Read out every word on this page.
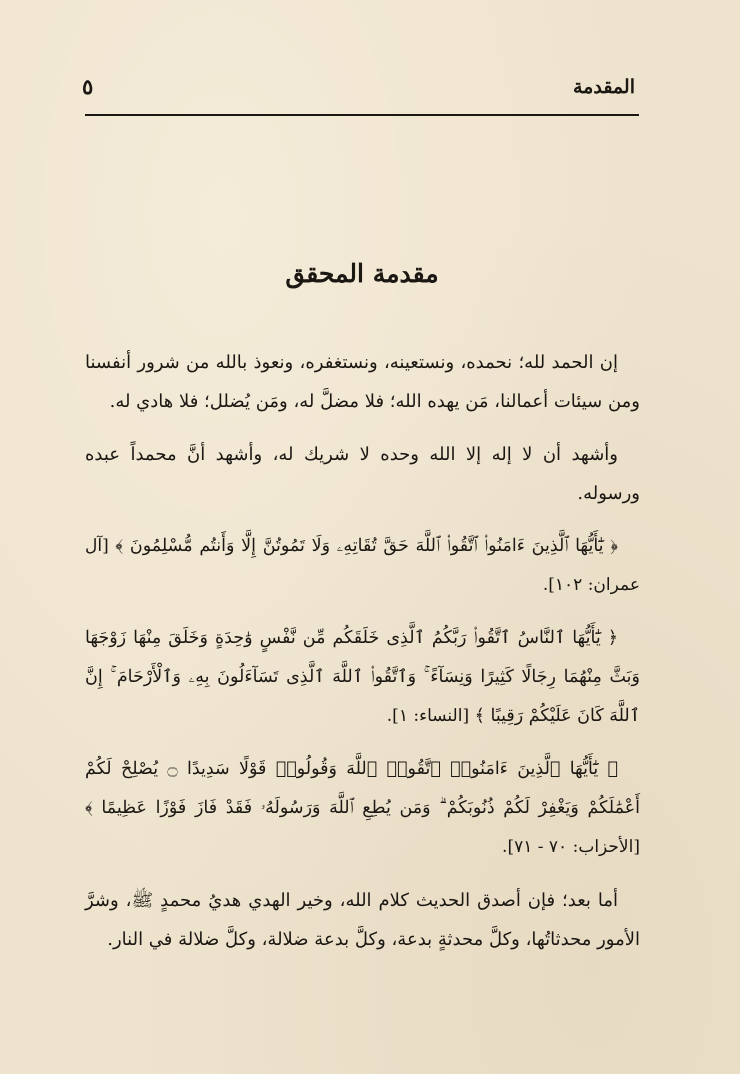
المقدمة
٥
مقدمة المحقق

إن الحمد لله؛ نحمده، ونستعينه، ونستغفره، ونعوذ بالله من شرور أنفسنا ومن سيئات أعمالنا، مَن يهده الله؛ فلا مضلَّ له، ومَن يُضلل؛ فلا هادي له.

وأشهد أن لا إله إلا الله وحده لا شريك له، وأشهد أنَّ محمداً عبده ورسوله.

﴿ يَٰٓأَيُّهَا ٱلَّذِينَ ءَامَنُوا۟ ٱتَّقُوا۟ ٱللَّهَ حَقَّ تُقَاتِهِۦ وَلَا تَمُوتُنَّ إِلَّا وَأَنتُم مُّسْلِمُونَ ﴾ [آل عمران: ١٠٢].

﴿ يَٰٓأَيُّهَا ٱلنَّاسُ ٱتَّقُوا۟ رَبَّكُمُ ٱلَّذِى خَلَقَكُم مِّن نَّفْسٍ وَٰحِدَةٍ وَخَلَقَ مِنْهَا زَوْجَهَا وَبَثَّ مِنْهُمَا رِجَالًا كَثِيرًا وَنِسَآءً ۚ وَٱتَّقُوا۟ ٱللَّهَ ٱلَّذِى تَسَآءَلُونَ بِهِۦ وَٱلْأَرْحَامَ ۚ إِنَّ ٱللَّهَ كَانَ عَلَيْكُمْ رَقِيبًا ﴾ [النساء: ١].

﴿ يَٰٓأَيُّهَا ٱلَّذِينَ ءَامَنُوا۟ ٱتَّقُوا۟ ٱللَّهَ وَقُولُوا۟ قَوْلًا سَدِيدًا ۝ يُصْلِحْ لَكُمْ أَعْمَٰلَكُمْ وَيَغْفِرْ لَكُمْ ذُنُوبَكُمْ ۗ وَمَن يُطِعِ ٱللَّهَ وَرَسُولَهُۥ فَقَدْ فَازَ فَوْزًا عَظِيمًا ﴾ [الأحزاب: ٧٠ - ٧١].

أما بعد؛ فإن أصدق الحديث كلام الله، وخير الهدي هديُ محمدٍ ﷺ، وشرَّ الأمور محدثاتُها، وكلَّ محدثةٍ بدعة، وكلَّ بدعة ضلالة، وكلَّ ضلالة في النار.
